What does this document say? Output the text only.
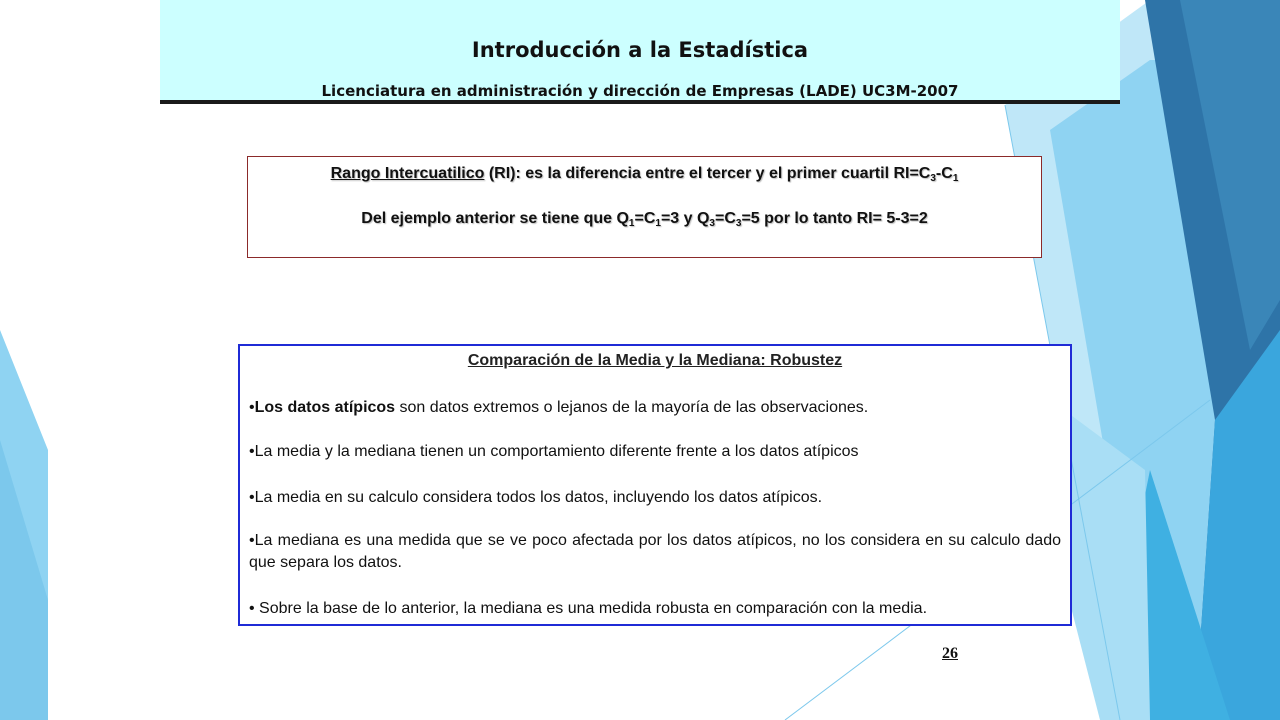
Introducción a la Estadística
Licenciatura en administración y dirección de Empresas (LADE) UC3M-2007
Rango Intercuatilico (RI): es la diferencia entre el tercer y el primer cuartil $RI=C_3-C_1$
Del ejemplo anterior se tiene que $Q_1=C_1=3$ y $Q_3=C_3=5$ por lo tanto RI= 5-3=2
Comparación de la Media y la Mediana: Robustez
•Los datos atípicos son datos extremos o lejanos de la mayoría de las observaciones.
•La media y la mediana tienen un comportamiento diferente frente a los datos atípicos
•La media en su calculo considera todos los datos, incluyendo los datos atípicos.
•La mediana es una medida que se ve poco afectada por los datos atípicos, no los considera en su calculo dado que separa los datos.
• Sobre la base de lo anterior, la mediana es una medida robusta en comparación con la media.
26
